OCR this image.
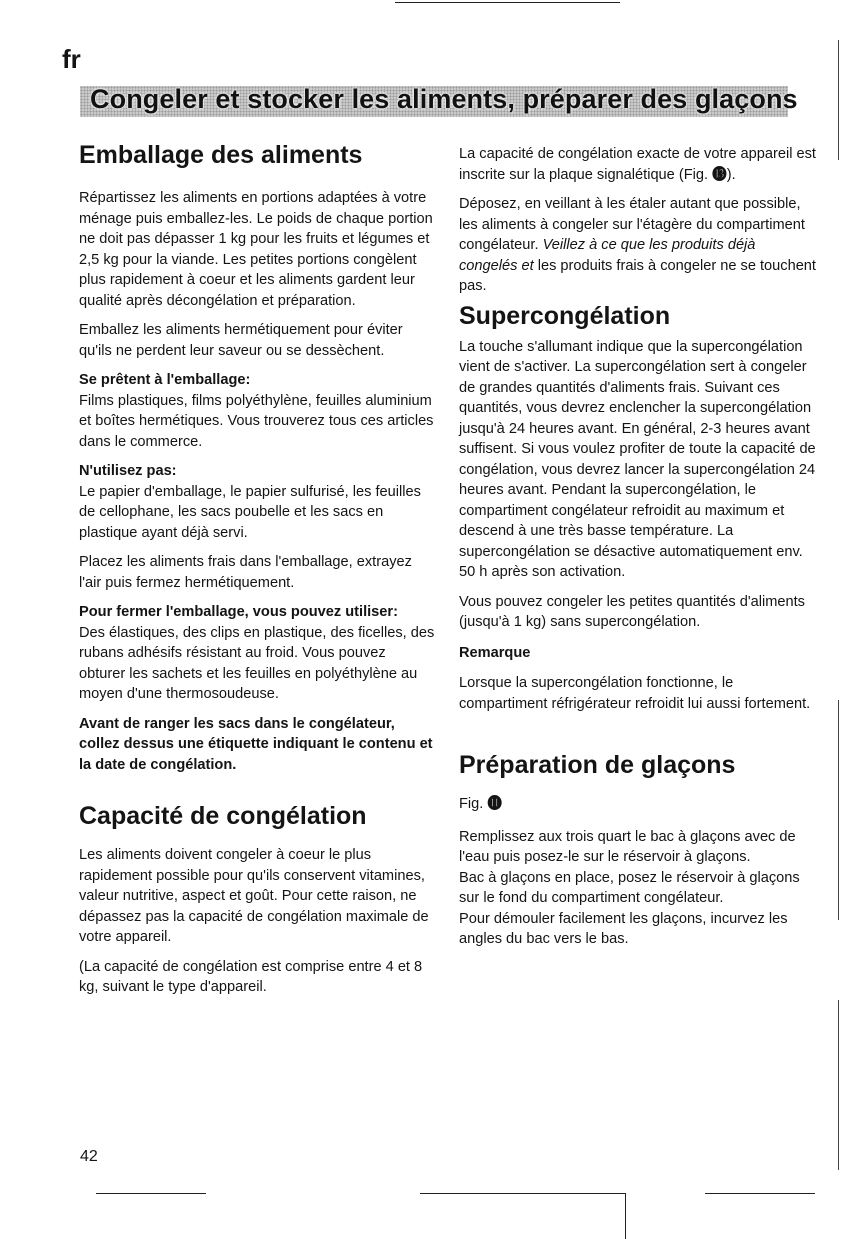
fr
Congeler et stocker les aliments, préparer des glaçons
Emballage des aliments

Répartissez les aliments en portions adaptées à votre ménage puis emballez-les. Le poids de chaque portion ne doit pas dépasser 1 kg pour les fruits et légumes et 2,5 kg pour la viande. Les petites portions congèlent plus rapidement à coeur et les aliments gardent leur qualité après décongélation et préparation.

Emballez les aliments hermétiquement pour éviter qu'ils ne perdent leur saveur ou se dessèchent.

Se prêtent à l'emballage:
Films plastiques, films polyéthylène, feuilles aluminium et boîtes hermétiques. Vous trouverez tous ces articles dans le commerce.

N'utilisez pas:
Le papier d'emballage, le papier sulfurisé, les feuilles de cellophane, les sacs poubelle et les sacs en plastique ayant déjà servi.

Placez les aliments frais dans l'emballage, extrayez l'air puis fermez hermétiquement.

Pour fermer l'emballage, vous pouvez utiliser:
Des élastiques, des clips en plastique, des ficelles, des rubans adhésifs résistant au froid. Vous pouvez obturer les sachets et les feuilles en polyéthylène au moyen d'une thermosoudeuse.

Avant de ranger les sacs dans le congélateur, collez dessus une étiquette indiquant le contenu et la date de congélation.

Capacité de congélation

Les aliments doivent congeler à coeur le plus rapidement possible pour qu'ils conservent vitamines, valeur nutritive, aspect et goût. Pour cette raison, ne dépassez pas la capacité de congélation maximale de votre appareil.

(La capacité de congélation est comprise entre 4 et 8 kg, suivant le type d'appareil.

La capacité de congélation exacte de votre appareil est inscrite sur la plaque signalétique (Fig. ⓭).

Déposez, en veillant à les étaler autant que possible, les aliments à congeler sur l'étagère du compartiment congélateur. Veillez à ce que les produits déjà congelés et les produits frais à congeler ne se touchent pas.

Supercongélation

La touche s'allumant indique que la supercongélation vient de s'activer. La supercongélation sert à congeler de grandes quantités d'aliments frais. Suivant ces quantités, vous devrez enclencher la supercongélation jusqu'à 24 heures avant. En général, 2-3 heures avant suffisent. Si vous voulez profiter de toute la capacité de congélation, vous devrez lancer la supercongélation 24 heures avant. Pendant la supercongélation, le compartiment congélateur refroidit au maximum et descend à une très basse température. La supercongélation se désactive automatiquement env. 50 h après son activation.

Vous pouvez congeler les petites quantités d'aliments (jusqu'à 1 kg) sans supercongélation.

Remarque

Lorsque la supercongélation fonctionne, le compartiment réfrigérateur refroidit lui aussi fortement.

Préparation de glaçons

Fig. ⓫

Remplissez aux trois quart le bac à glaçons avec de l'eau puis posez-le sur le réservoir à glaçons.

Bac à glaçons en place, posez le réservoir à glaçons sur le fond du compartiment congélateur.

Pour démouler facilement les glaçons, incurvez les angles du bac vers le bas.

42
